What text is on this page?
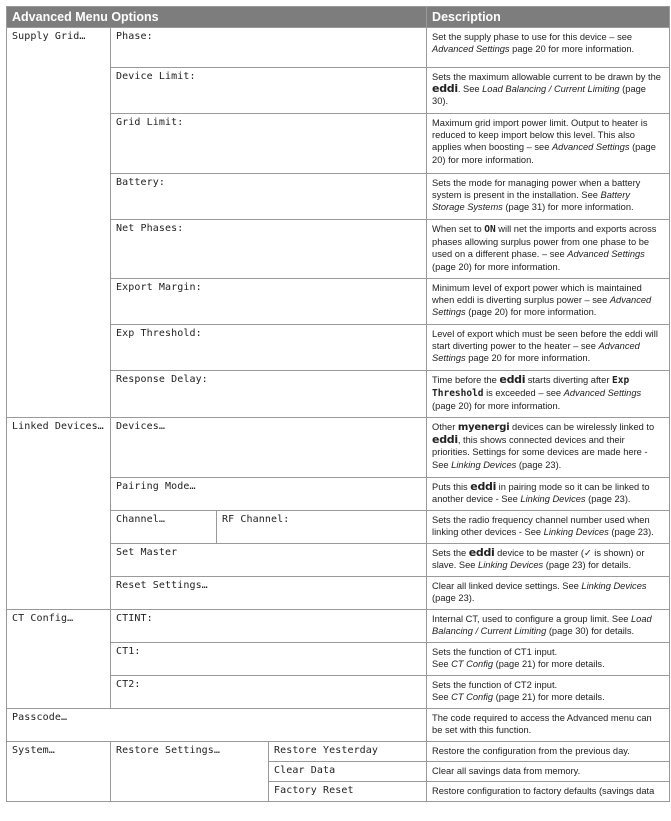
Advanced Menu Options				Description
Supply Grid…	Phase:			Set the supply phase to use for this device – see Advanced Settings page 20 for more information.
	Device Limit:			Sets the maximum allowable current to be drawn by the eddi. See Load Balancing / Current Limiting (page 30).
	Grid Limit:			Maximum grid import power limit. Output to heater is reduced to keep import below this level. This also applies when boosting – see Advanced Settings (page 20) for more information.
	Battery:			Sets the mode for managing power when a battery system is present in the installation. See Battery Storage Systems (page 31) for more information.
	Net Phases:			When set to ON will net the imports and exports across phases allowing surplus power from one phase to be used on a different phase. – see Advanced Settings (page 20) for more information.
	Export Margin:			Minimum level of export power which is maintained when eddi is diverting surplus power – see Advanced Settings (page 20) for more information.
	Exp Threshold:			Level of export which must be seen before the eddi will start diverting power to the heater – see Advanced Settings page 20 for more information.
	Response Delay:			Time before the eddi starts diverting after Exp Threshold is exceeded – see Advanced Settings (page 20) for more information.
Linked Devices…	Devices…			Other myenergi devices can be wirelessly linked to eddi, this shows connected devices and their priorities. Settings for some devices are made here - See Linking Devices (page 23).
	Pairing Mode…			Puts this eddi in pairing mode so it can be linked to another device - See Linking Devices (page 23).
	Channel…	RF Channel:		Sets the radio frequency channel number used when linking other devices - See Linking Devices (page 23).
	Set Master			Sets the eddi device to be master (✓ is shown) or slave. See Linking Devices (page 23) for details.
	Reset Settings…			Clear all linked device settings. See Linking Devices (page 23).
CT Config…	CTINT:			Internal CT, used to configure a group limit. See Load Balancing / Current Limiting (page 30) for details.
	CT1:			Sets the function of CT1 input.
See CT Config (page 21) for more details.
	CT2:			Sets the function of CT2 input.
See CT Config (page 21) for more details.
Passcode…				The code required to access the Advanced menu can be set with this function.
System…	Restore Settings…		Restore Yesterday	Restore the configuration from the previous day.
			Clear Data	Clear all savings data from memory.
			Factory Reset	Restore configuration to factory defaults (savings data
